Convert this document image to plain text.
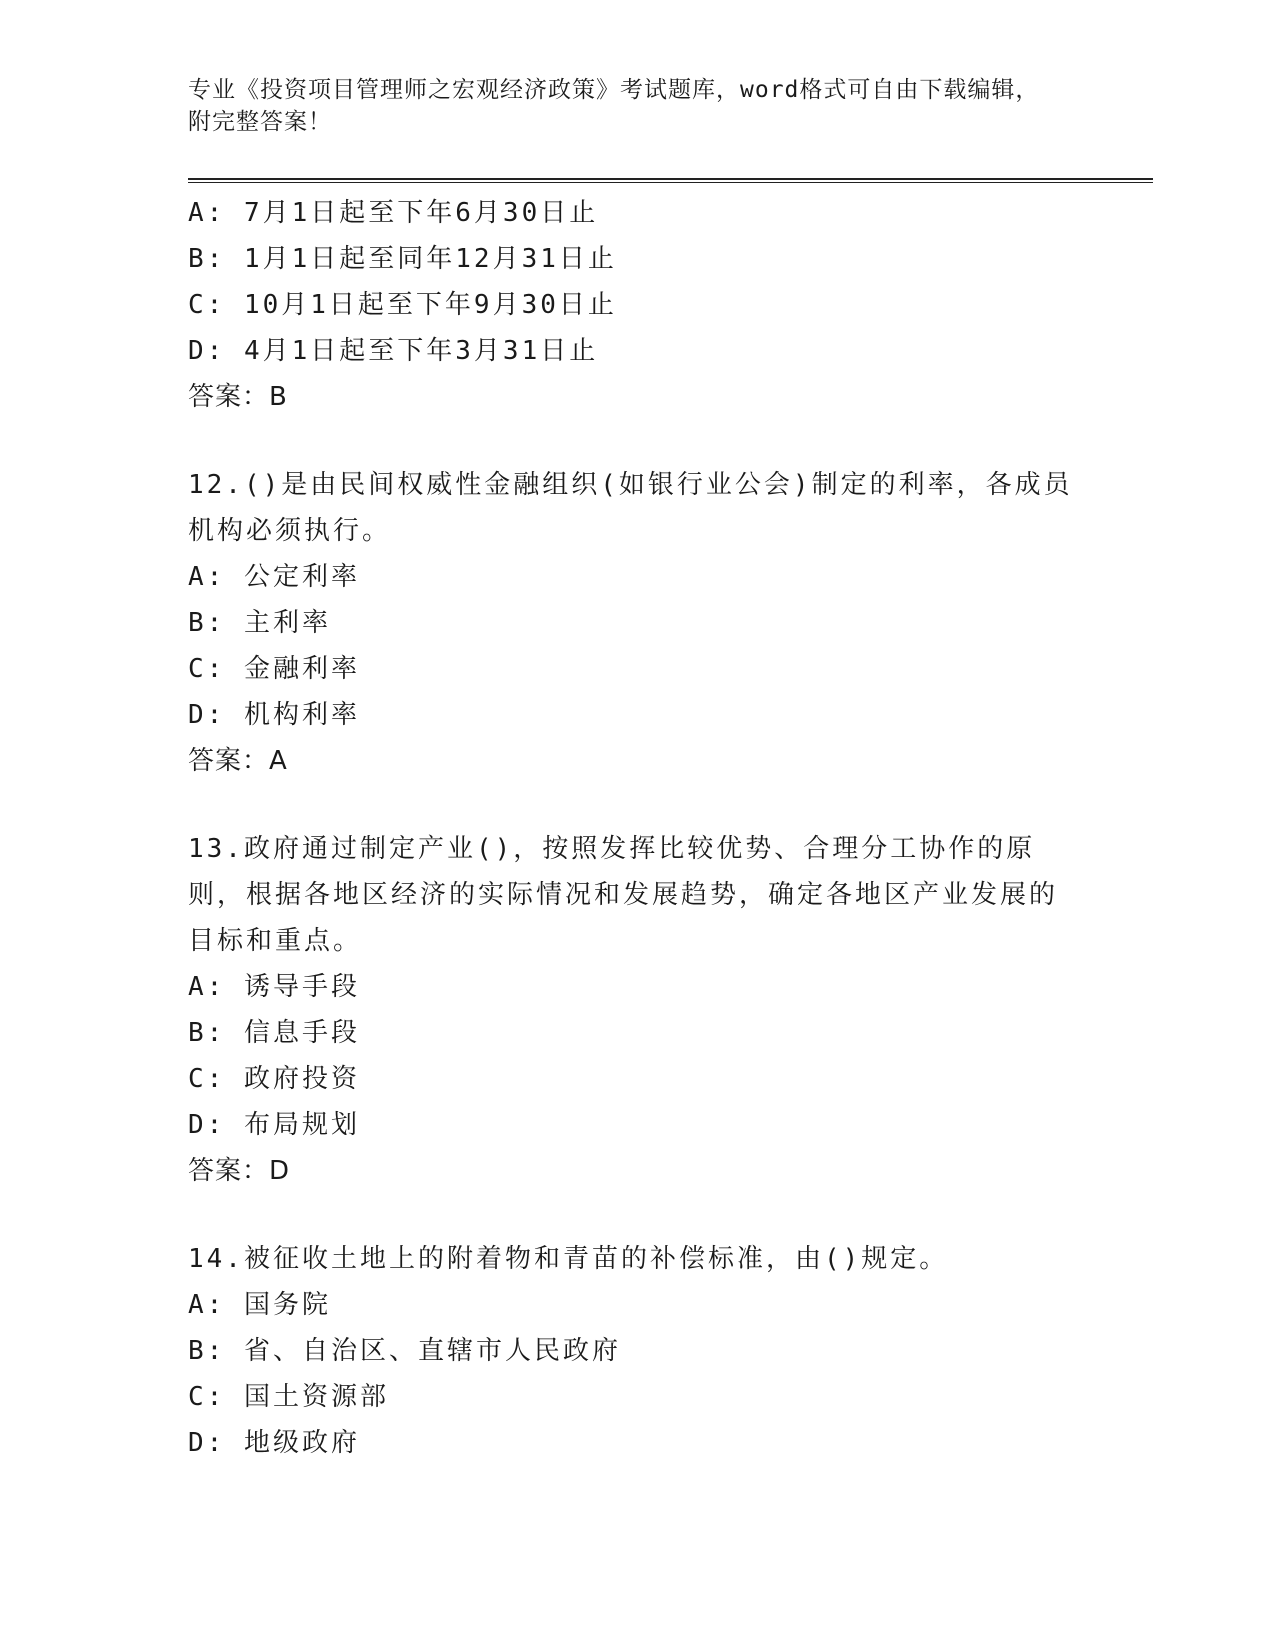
专业《投资项目管理师之宏观经济政策》考试题库，word格式可自由下载编辑，
附完整答案！
A: 7月1日起至下年6月30日止
B: 1月1日起至同年12月31日止
C: 10月1日起至下年9月30日止
D: 4月1日起至下年3月31日止
答案：B
12.()是由民间权威性金融组织(如银行业公会)制定的利率，各成员机构必须执行。
A: 公定利率
B: 主利率
C: 金融利率
D: 机构利率
答案：A
13.政府通过制定产业()，按照发挥比较优势、合理分工协作的原则，根据各地区经济的实际情况和发展趋势，确定各地区产业发展的目标和重点。
A: 诱导手段
B: 信息手段
C: 政府投资
D: 布局规划
答案：D
14.被征收土地上的附着物和青苗的补偿标准，由()规定。
A: 国务院
B: 省、自治区、直辖市人民政府
C: 国土资源部
D: 地级政府
